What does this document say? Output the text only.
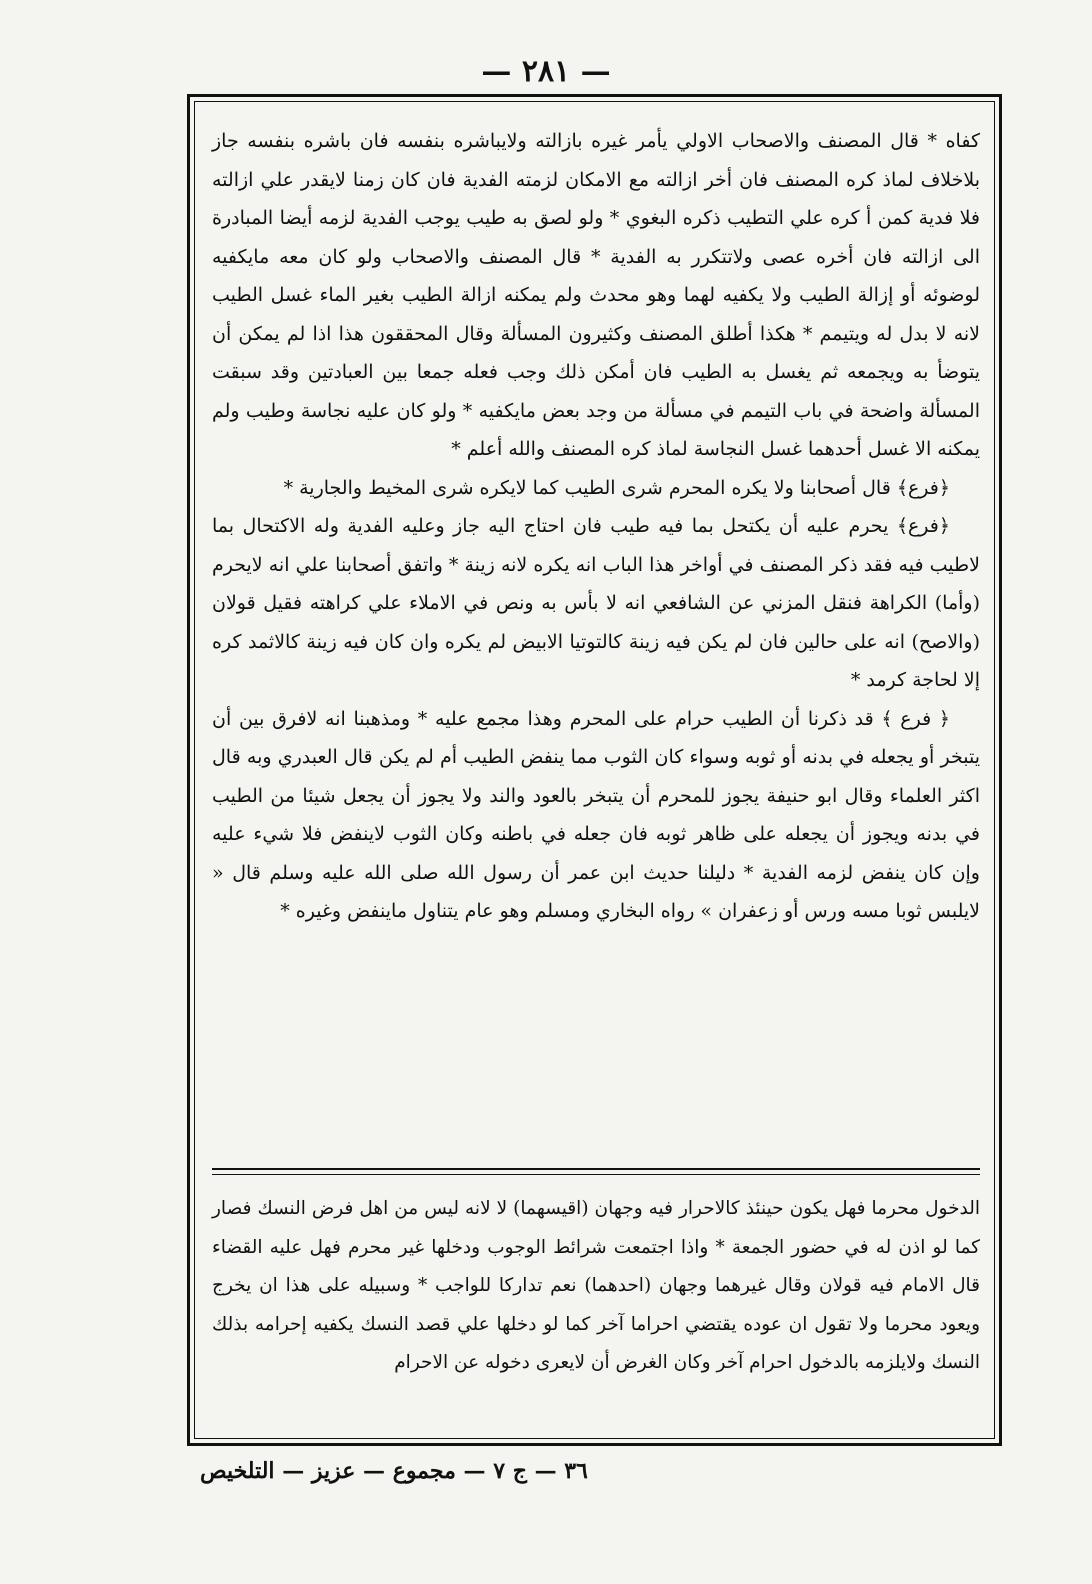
— ٢٨١ —

كفاه * قال المصنف والاصحاب الاولي يأمر غيره بازالته ولايباشره بنفسه فان باشره بنفسه جاز بلاخلاف لماذ كره المصنف فان أخر ازالته مع الامكان لزمته الفدية فان كان زمنا لايقدر علي ازالته فلا فدية كمن أ كره علي التطيب ذكره البغوي * ولو لصق به طيب يوجب الفدية لزمه أيضا المبادرة الى ازالته فان أخره عصى ولاتتكرر به الفدية * قال المصنف والاصحاب ولو كان معه مايكفيه لوضوئه أو إزالة الطيب ولا يكفيه لهما وهو محدث ولم يمكنه ازالة الطيب بغير الماء غسل الطيب لانه لا بدل له ويتيمم * هكذا أطلق المصنف وكثيرون المسألة وقال المحققون هذا اذا لم يمكن أن يتوضأ به ويجمعه ثم يغسل به الطيب فان أمكن ذلك وجب فعله جمعا بين العبادتين وقد سبقت المسألة واضحة في باب التيمم في مسألة من وجد بعض مايكفيه * ولو كان عليه نجاسة وطيب ولم يمكنه الا غسل أحدهما غسل النجاسة لماذ كره المصنف والله أعلم *

﴿فرع﴾ قال أصحابنا ولا يكره المحرم شرى الطيب كما لايكره شرى المخيط والجارية *

﴿فرع﴾ يحرم عليه أن يكتحل بما فيه طيب فان احتاج اليه جاز وعليه الفدية وله الاكتحال بما لاطيب فيه فقد ذكر المصنف في أواخر هذا الباب انه يكره لانه زينة * واتفق أصحابنا علي انه لايحرم (وأما) الكراهة فنقل المزني عن الشافعي انه لا بأس به ونص في الاملاء علي كراهته فقيل قولان (والاصح) انه على حالين فان لم يكن فيه زينة كالتوتيا الابيض لم يكره وان كان فيه زينة كالاثمد كره إلا لحاجة كرمد *

﴿ فرع ﴾ قد ذكرنا أن الطيب حرام على المحرم وهذا مجمع عليه * ومذهبنا انه لافرق بين أن يتبخر أو يجعله في بدنه أو ثوبه وسواء كان الثوب مما ينفض الطيب أم لم يكن قال العبدري وبه قال اكثر العلماء وقال ابو حنيفة يجوز للمحرم أن يتبخر بالعود والند ولا يجوز أن يجعل شيئا من الطيب في بدنه ويجوز أن يجعله على ظاهر ثوبه فان جعله في باطنه وكان الثوب لاينفض فلا شيء عليه وإن كان ينفض لزمه الفدية * دليلنا حديث ابن عمر أن رسول الله صلى الله عليه وسلم قال « لايلبس ثوبا مسه ورس أو زعفران » رواه البخاري ومسلم وهو عام يتناول ماينفض وغيره *

الدخول محرما فهل يكون حينئذ كالاحرار فيه وجهان (اقيسهما) لا لانه ليس من اهل فرض النسك فصار كما لو اذن له في حضور الجمعة * واذا اجتمعت شرائط الوجوب ودخلها غير محرم فهل عليه القضاء قال الامام فيه قولان وقال غيرهما وجهان (احدهما) نعم تداركا للواجب * وسبيله على هذا ان يخرج ويعود محرما ولا تقول ان عوده يقتضي احراما آخر كما لو دخلها علي قصد النسك يكفيه إحرامه بذلك النسك ولايلزمه بالدخول احرام آخر وكان الغرض أن لايعرى دخوله عن الاحرام

٣٦ — ج ٧ — مجموع — عزيز — التلخيص
